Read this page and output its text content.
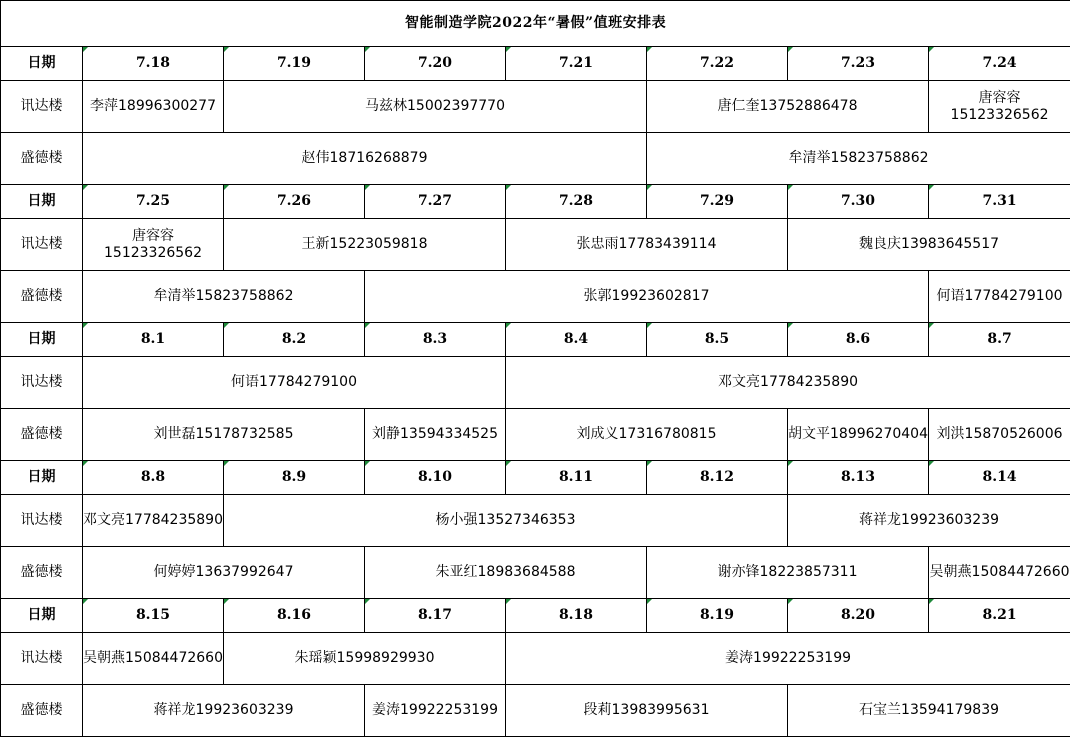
智能制造学院2022年“暑假”值班安排表							
日期	7.18	7.19	7.20	7.21	7.22	7.23	7.24
讯达楼	李萍18996300277	马兹林15002397770			唐仁奎13752886478		唐容容
15123326562
盛德楼	赵伟18716268879				牟清举15823758862		
日期	7.25	7.26	7.27	7.28	7.29	7.30	7.31
讯达楼	唐容容
15123326562	王新15223059818		张忠雨17783439114		魏良庆13983645517	
盛德楼	牟清举15823758862		张郭19923602817				何语17784279100
日期	8.1	8.2	8.3	8.4	8.5	8.6	8.7
讯达楼	何语17784279100			邓文亮17784235890			
盛德楼	刘世磊15178732585		刘静13594334525	刘成义17316780815		胡文平18996270404	刘洪15870526006
日期	8.8	8.9	8.10	8.11	8.12	8.13	8.14
讯达楼	邓文亮17784235890	杨小强13527346353				蒋祥龙19923603239	
盛德楼	何婷婷13637992647		朱亚红18983684588		谢亦锋18223857311		吴朝燕15084472660
日期	8.15	8.16	8.17	8.18	8.19	8.20	8.21
讯达楼	吴朝燕15084472660	朱瑶颖15998929930		姜涛19922253199			
盛德楼	蒋祥龙19923603239		姜涛19922253199	段莉13983995631		石宝兰13594179839	
